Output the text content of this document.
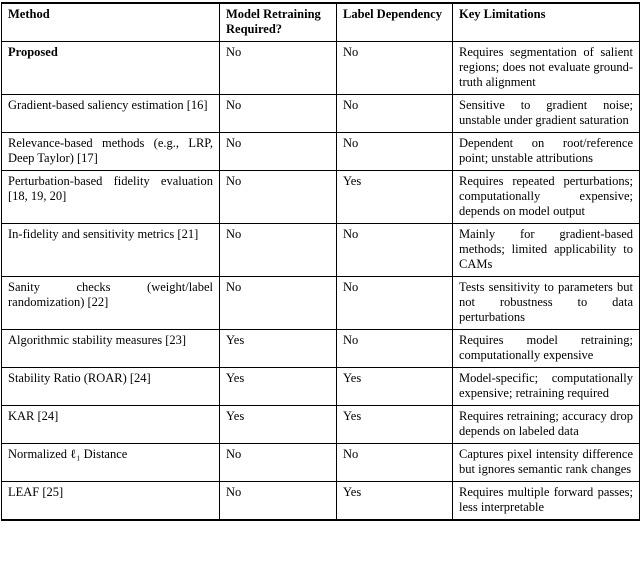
Method	Model Retraining Required?	Label Dependency	Key Limitations
Proposed	No	No	Requires segmentation of salient regions; does not evaluate ground-truth alignment
Gradient-based saliency estimation [16]	No	No	Sensitive to gradient noise; unstable under gradient saturation
Relevance-based methods (e.g., LRP, Deep Taylor) [17]	No	No	Dependent on root/reference point; unstable attributions
Perturbation-based fidelity evaluation [18, 19, 20]	No	Yes	Requires repeated perturbations; computationally expensive; depends on model output
In-fidelity and sensitivity metrics [21]	No	No	Mainly for gradient-based methods; limited applicability to CAMs
Sanity checks (weight/label randomization) [22]	No	No	Tests sensitivity to parameters but not robustness to data perturbations
Algorithmic stability measures [23]	Yes	No	Requires model retraining; computationally expensive
Stability Ratio (ROAR) [24]	Yes	Yes	Model-specific; computationally expensive; retraining required
KAR [24]	Yes	Yes	Requires retraining; accuracy drop depends on labeled data
Normalized ℓ₁ Distance	No	No	Captures pixel intensity difference but ignores semantic rank changes
LEAF [25]	No	Yes	Requires multiple forward passes; less interpretable
